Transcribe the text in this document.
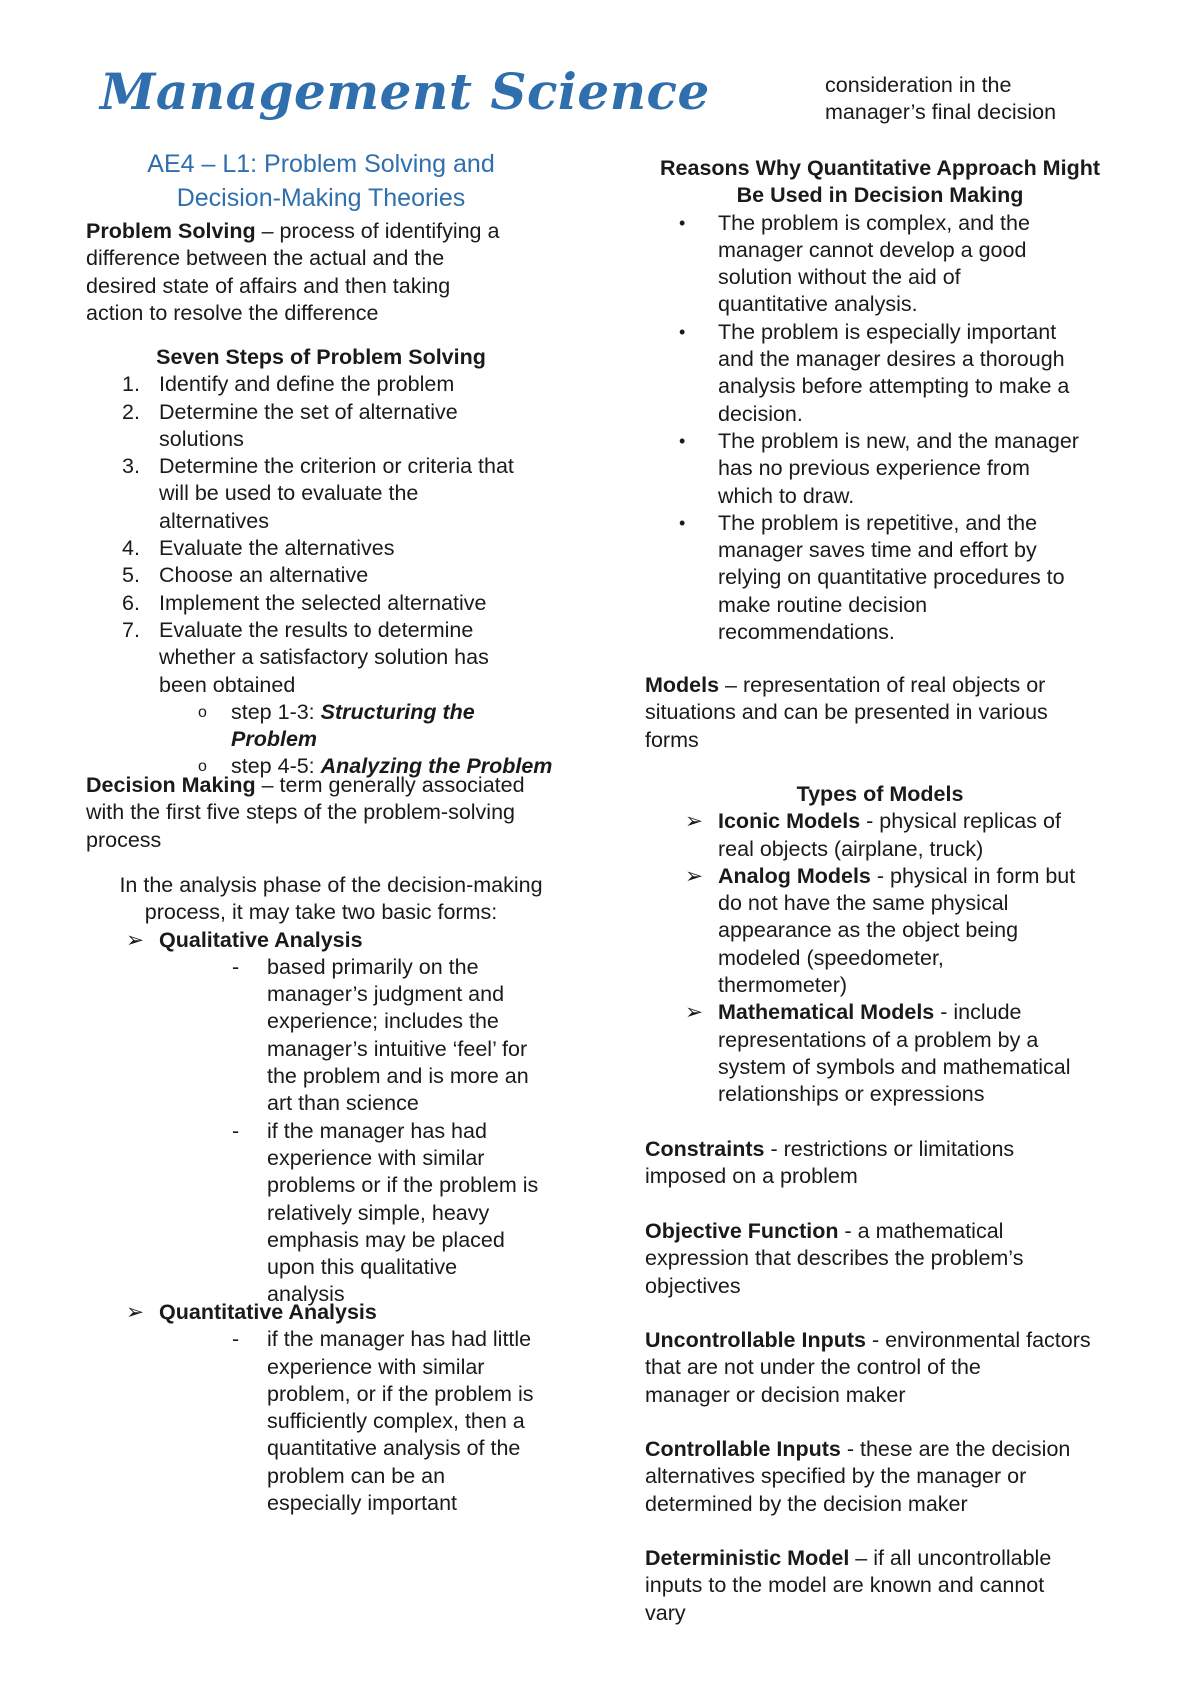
Management Science
AE4 – L1: Problem Solving and
Decision-Making Theories
Problem Solving – process of identifying a
difference between the actual and the
desired state of affairs and then taking
action to resolve the difference
Seven Steps of Problem Solving
1. Identify and define the problem
2. Determine the set of alternative
solutions
3. Determine the criterion or criteria that
will be used to evaluate the
alternatives
4. Evaluate the alternatives
5. Choose an alternative
6. Implement the selected alternative
7. Evaluate the results to determine
whether a satisfactory solution has
been obtained
o step 1-3: Structuring the
Problem
o step 4-5: Analyzing the Problem
Decision Making – term generally associated
with the first five steps of the problem-solving
process
In the analysis phase of the decision-making
process, it may take two basic forms:
➢ Qualitative Analysis
- based primarily on the
manager’s judgment and
experience; includes the
manager’s intuitive ‘feel’ for
the problem and is more an
art than science
- if the manager has had
experience with similar
problems or if the problem is
relatively simple, heavy
emphasis may be placed
upon this qualitative
analysis
➢ Quantitative Analysis
- if the manager has had little
experience with similar
problem, or if the problem is
sufficiently complex, then a
quantitative analysis of the
problem can be an
especially important
consideration in the
manager’s final decision
Reasons Why Quantitative Approach Might
Be Used in Decision Making
• The problem is complex, and the
manager cannot develop a good
solution without the aid of
quantitative analysis.
• The problem is especially important
and the manager desires a thorough
analysis before attempting to make a
decision.
• The problem is new, and the manager
has no previous experience from
which to draw.
• The problem is repetitive, and the
manager saves time and effort by
relying on quantitative procedures to
make routine decision
recommendations.
Models – representation of real objects or
situations and can be presented in various
forms
Types of Models
➢ Iconic Models - physical replicas of
real objects (airplane, truck)
➢ Analog Models - physical in form but
do not have the same physical
appearance as the object being
modeled (speedometer,
thermometer)
➢ Mathematical Models - include
representations of a problem by a
system of symbols and mathematical
relationships or expressions
Constraints - restrictions or limitations
imposed on a problem
Objective Function - a mathematical
expression that describes the problem’s
objectives
Uncontrollable Inputs - environmental factors
that are not under the control of the
manager or decision maker
Controllable Inputs - these are the decision
alternatives specified by the manager or
determined by the decision maker
Deterministic Model – if all uncontrollable
inputs to the model are known and cannot
vary
